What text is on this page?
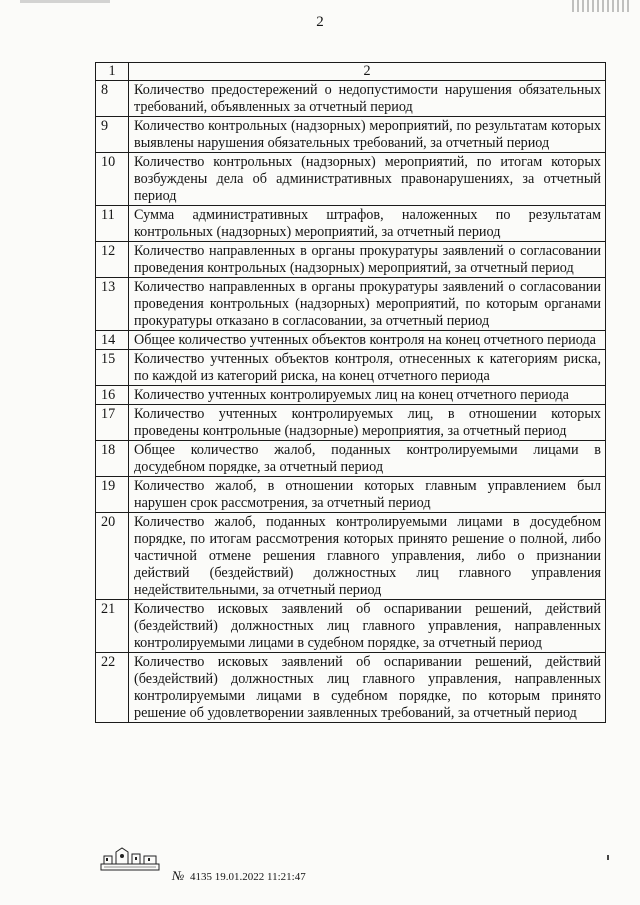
2
1	2
8	Количество предостережений о недопустимости нарушения обязательных требований, объявленных за отчетный период
9	Количество контрольных (надзорных) мероприятий, по результатам которых выявлены нарушения обязательных требований, за отчетный период
10	Количество контрольных (надзорных) мероприятий, по итогам которых возбуждены дела об административных правонарушениях, за отчетный период
11	Сумма административных штрафов, наложенных по результатам контрольных (надзорных) мероприятий, за отчетный период
12	Количество направленных в органы прокуратуры заявлений о согласовании проведения контрольных (надзорных) мероприятий, за отчетный период
13	Количество направленных в органы прокуратуры заявлений о согласовании проведения контрольных (надзорных) мероприятий, по которым органами прокуратуры отказано в согласовании, за отчетный период
14	Общее количество учтенных объектов контроля на конец отчетного периода
15	Количество учтенных объектов контроля, отнесенных к категориям риска, по каждой из категорий риска, на конец отчетного периода
16	Количество учтенных контролируемых лиц на конец отчетного периода
17	Количество учтенных контролируемых лиц, в отношении которых проведены контрольные (надзорные) мероприятия, за отчетный период
18	Общее количество жалоб, поданных контролируемыми лицами в досудебном порядке, за отчетный период
19	Количество жалоб, в отношении которых главным управлением был нарушен срок рассмотрения, за отчетный период
20	Количество жалоб, поданных контролируемыми лицами в досудебном порядке, по итогам рассмотрения которых принято решение о полной, либо частичной отмене решения главного управления, либо о признании действий (бездействий) должностных лиц главного управления недействительными, за отчетный период
21	Количество исковых заявлений об оспаривании решений, действий (бездействий) должностных лиц главного управления, направленных контролируемыми лицами в судебном порядке, за отчетный период
22	Количество исковых заявлений об оспаривании решений, действий (бездействий) должностных лиц главного управления, направленных контролируемыми лицами в судебном порядке, по которым принято решение об удовлетворении заявленных требований, за отчетный период
№ 4135 19.01.2022 11:21:47
